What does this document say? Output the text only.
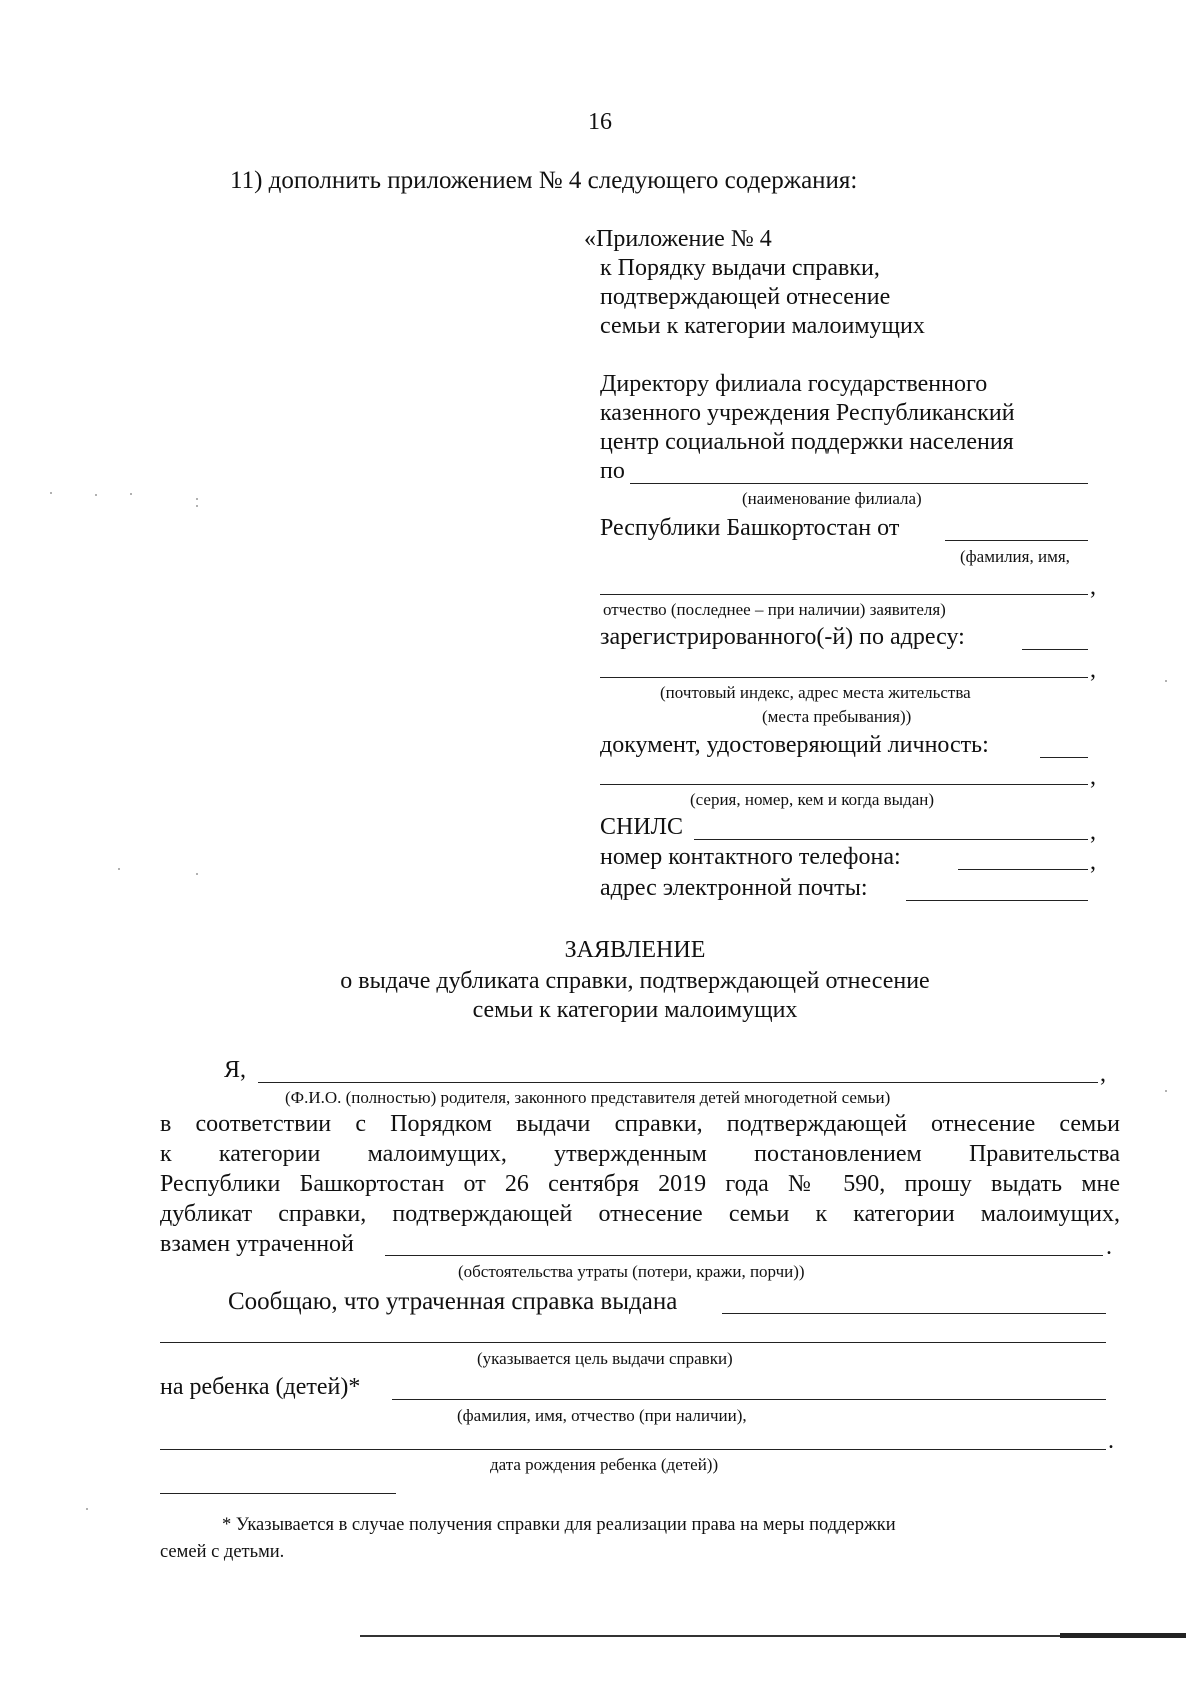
16
11) дополнить приложением № 4 следующего содержания:
«Приложение № 4
к Порядку выдачи справки,
подтверждающей отнесение
семьи к категории малоимущих
Директору филиала государственного
казенного учреждения Республиканский
центр социальной поддержки населения
по
(наименование филиала)
Республики Башкортостан от
(фамилия, имя,
,
отчество (последнее – при наличии) заявителя)
зарегистрированного(-й) по адресу:
,
(почтовый индекс, адрес места жительства
(места пребывания))
документ, удостоверяющий личность:
,
(серия, номер, кем и когда выдан)
СНИЛС	,
номер контактного телефона:	,
адрес электронной почты:
ЗАЯВЛЕНИЕ
о выдаче дубликата справки, подтверждающей отнесение
семьи к категории малоимущих
Я,	,
(Ф.И.О. (полностью) родителя, законного представителя детей многодетной семьи)
в соответствии с Порядком выдачи справки, подтверждающей отнесение семьи
к категории малоимущих, утвержденным постановлением Правительства
Республики Башкортостан от 26 сентября 2019 года № 590, прошу выдать мне
дубликат справки, подтверждающей отнесение семьи к категории малоимущих,
взамен утраченной	.
(обстоятельства утраты (потери, кражи, порчи))
Сообщаю, что утраченная справка выдана
(указывается цель выдачи справки)
на ребенка (детей)*
(фамилия, имя, отчество (при наличии),
.
дата рождения ребенка (детей))
* Указывается в случае получения справки для реализации права на меры поддержки
семей с детьми.
